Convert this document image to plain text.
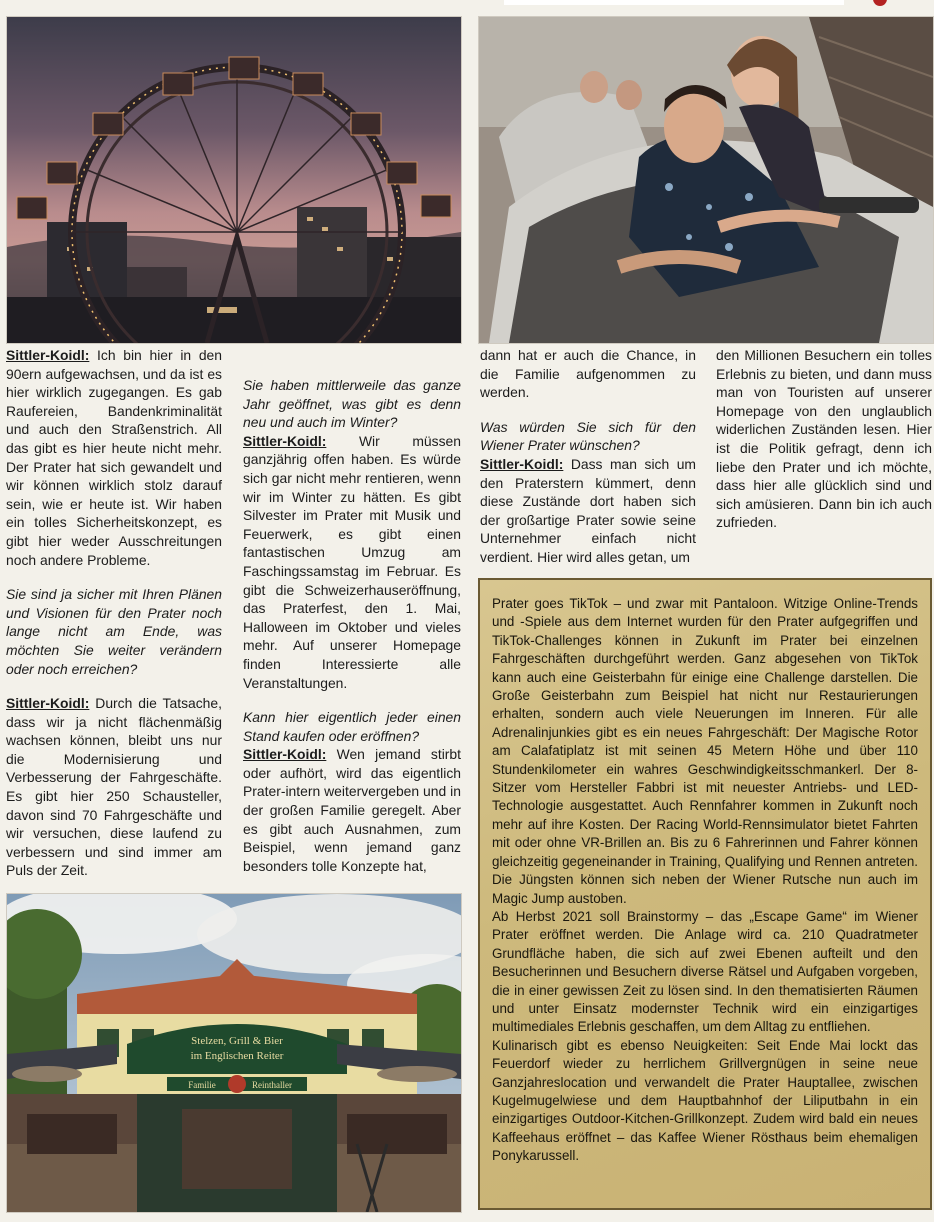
Stelzen, Grill & Bier
im Englischen Reiter
Familie	Reinthaller

Sittler-Koidl: Ich bin hier in den 90ern aufgewachsen, und da ist es hier wirklich zugegangen. Es gab Raufereien, Bandenkriminalität und auch den Straßenstrich. All das gibt es hier heute nicht mehr. Der Prater hat sich gewandelt und wir können wirklich stolz darauf sein, wie er heute ist. Wir haben ein tolles Sicherheitskonzept, es gibt hier weder Ausschreitungen noch andere Probleme.

Sie sind ja sicher mit Ihren Plänen und Visionen für den Prater noch lange nicht am Ende, was möchten Sie weiter verändern oder noch erreichen?

Sittler-Koidl: Durch die Tatsache, dass wir ja nicht flächenmäßig wachsen können, bleibt uns nur die Modernisierung und Verbesserung der Fahrgeschäfte. Es gibt hier 250 Schausteller, davon sind 70 Fahrgeschäfte und wir versuchen, diese laufend zu verbessern und sind immer am Puls der Zeit.

Sie haben mittlerweile das ganze Jahr geöffnet, was gibt es denn neu und auch im Winter?

Sittler-Koidl: Wir müssen ganzjährig offen haben. Es würde sich gar nicht mehr rentieren, wenn wir im Winter zu hätten. Es gibt Silvester im Prater mit Musik und Feuerwerk, es gibt einen fantastischen Umzug am Faschingssamstag im Februar. Es gibt die Schweizerhauseröffnung, das Praterfest, den 1. Mai, Halloween im Oktober und vieles mehr. Auf unserer Homepage finden Interessierte alle Veranstaltungen.

Kann hier eigentlich jeder einen Stand kaufen oder eröffnen?

Sittler-Koidl: Wen jemand stirbt oder aufhört, wird das eigentlich Prater-intern weitervergeben und in der großen Familie geregelt. Aber es gibt auch Ausnahmen, zum Beispiel, wenn jemand ganz besonders tolle Konzepte hat,

dann hat er auch die Chance, in die Familie aufgenommen zu werden.

Was würden Sie sich für den Wiener Prater wünschen?

Sittler-Koidl: Dass man sich um den Praterstern kümmert, denn diese Zustände dort haben sich der großartige Prater sowie seine Unternehmer einfach nicht verdient. Hier wird alles getan, um

den Millionen Besuchern ein tolles Erlebnis zu bieten, und dann muss man von Touristen auf unserer Homepage von den unglaublich widerlichen Zuständen lesen. Hier ist die Politik gefragt, denn ich liebe den Prater und ich möchte, dass hier alle glücklich sind und sich amüsieren. Dann bin ich auch zufrieden.

Prater goes TikTok – und zwar mit Pantaloon. Witzige Online-Trends und -Spiele aus dem Internet wurden für den Prater aufgegriffen und TikTok-Challenges können in Zukunft im Prater bei einzelnen Fahrgeschäften durchgeführt werden. Ganz abgesehen von TikTok kann auch eine Geisterbahn für einige eine Challenge darstellen. Die Große Geisterbahn zum Beispiel hat nicht nur Restaurierungen erhalten, sondern auch viele Neuerungen im Inneren. Für alle Adrenalinjunkies gibt es ein neues Fahrgeschäft: Der Magische Rotor am Calafatiplatz ist mit seinen 45 Metern Höhe und über 110 Stundenkilometer ein wahres Geschwindigkeitsschmankerl. Der 8-Sitzer vom Hersteller Fabbri ist mit neuester Antriebs- und LED-Technologie ausgestattet. Auch Rennfahrer kommen in Zukunft noch mehr auf ihre Kosten. Der Racing World-Rennsimulator bietet Fahrten mit oder ohne VR-Brillen an. Bis zu 6 Fahrerinnen und Fahrer können gleichzeitig gegeneinander in Training, Qualifying und Rennen antreten. Die Jüngsten können sich neben der Wiener Rutsche nun auch im Magic Jump austoben.

Ab Herbst 2021 soll Brainstormy – das „Escape Game“ im Wiener Prater eröffnet werden. Die Anlage wird ca. 210 Quadratmeter Grundfläche haben, die sich auf zwei Ebenen aufteilt und den Besucherinnen und Besuchern diverse Rätsel und Aufgaben vorgeben, die in einer gewissen Zeit zu lösen sind. In den thematisierten Räumen und unter Einsatz modernster Technik wird ein einzigartiges multimediales Erlebnis geschaffen, um dem Alltag zu entfliehen.

Kulinarisch gibt es ebenso Neuigkeiten: Seit Ende Mai lockt das Feuerdorf wieder zu herrlichem Grillvergnügen in seine neue Ganzjahreslocation und verwandelt die Prater Hauptallee, zwischen Kugelmugelwiese und dem Hauptbahnhof der Liliputbahn in ein einzigartiges Outdoor-Kitchen-Grillkonzept. Zudem wird bald ein neues Kaffeehaus eröffnet – das Kaffee Wiener Rösthaus beim ehemaligen Ponykarussell.
